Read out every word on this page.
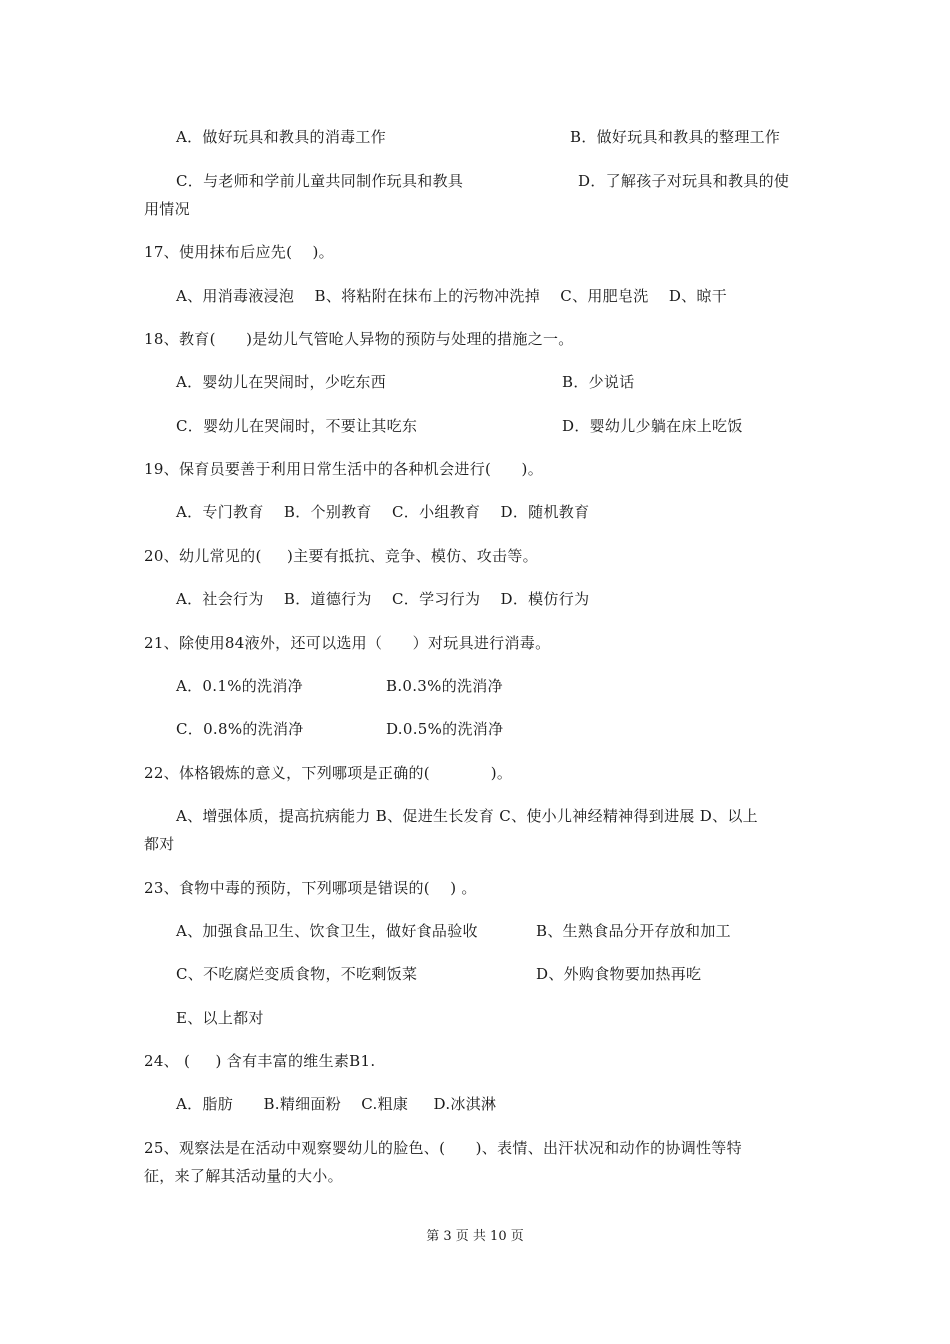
A．做好玩具和教具的消毒工作	B．做好玩具和教具的整理工作
C．与老师和学前儿童共同制作玩具和教具	D．了解孩子对玩具和教具的使
用情况
17、使用抹布后应先(    )。
A、用消毒液浸泡    B、将粘附在抹布上的污物冲洗掉    C、用肥皂洗    D、晾干
18、教育(      )是幼儿气管呛人异物的预防与处理的措施之一。
A．婴幼儿在哭闹时，少吃东西	B．少说话
C．婴幼儿在哭闹时，不要让其吃东	D．婴幼儿少躺在床上吃饭
19、保育员要善于利用日常生活中的各种机会进行(      )。
A．专门教育    B．个别教育    C．小组教育    D．随机教育
20、幼儿常见的(     )主要有抵抗、竞争、模仿、攻击等。
A．社会行为    B．道德行为    C．学习行为    D．模仿行为
21、除使用84液外，还可以选用（      ）对玩具进行消毒。
A．0.1%的洗消净	B.0.3%的洗消净
C．0.8%的洗消净	D.0.5%的洗消净
22、体格锻炼的意义，下列哪项是正确的(            )。
A、增强体质，提高抗病能力 B、促进生长发育 C、使小儿神经精神得到进展 D、以上
都对
23、食物中毒的预防，下列哪项是错误的(    ) 。
A、加强食品卫生、饮食卫生，做好食品验收	B、生熟食品分开存放和加工
C、不吃腐烂变质食物，不吃剩饭菜	D、外购食物要加热再吃
E、以上都对
24、 (     ) 含有丰富的维生素B1.
A．脂肪      B.精细面粉    C.粗康     D.冰淇淋
25、观察法是在活动中观察婴幼儿的脸色、(      )、表情、出汗状况和动作的协调性等特
征，来了解其活动量的大小。
第 3 页 共 10 页
